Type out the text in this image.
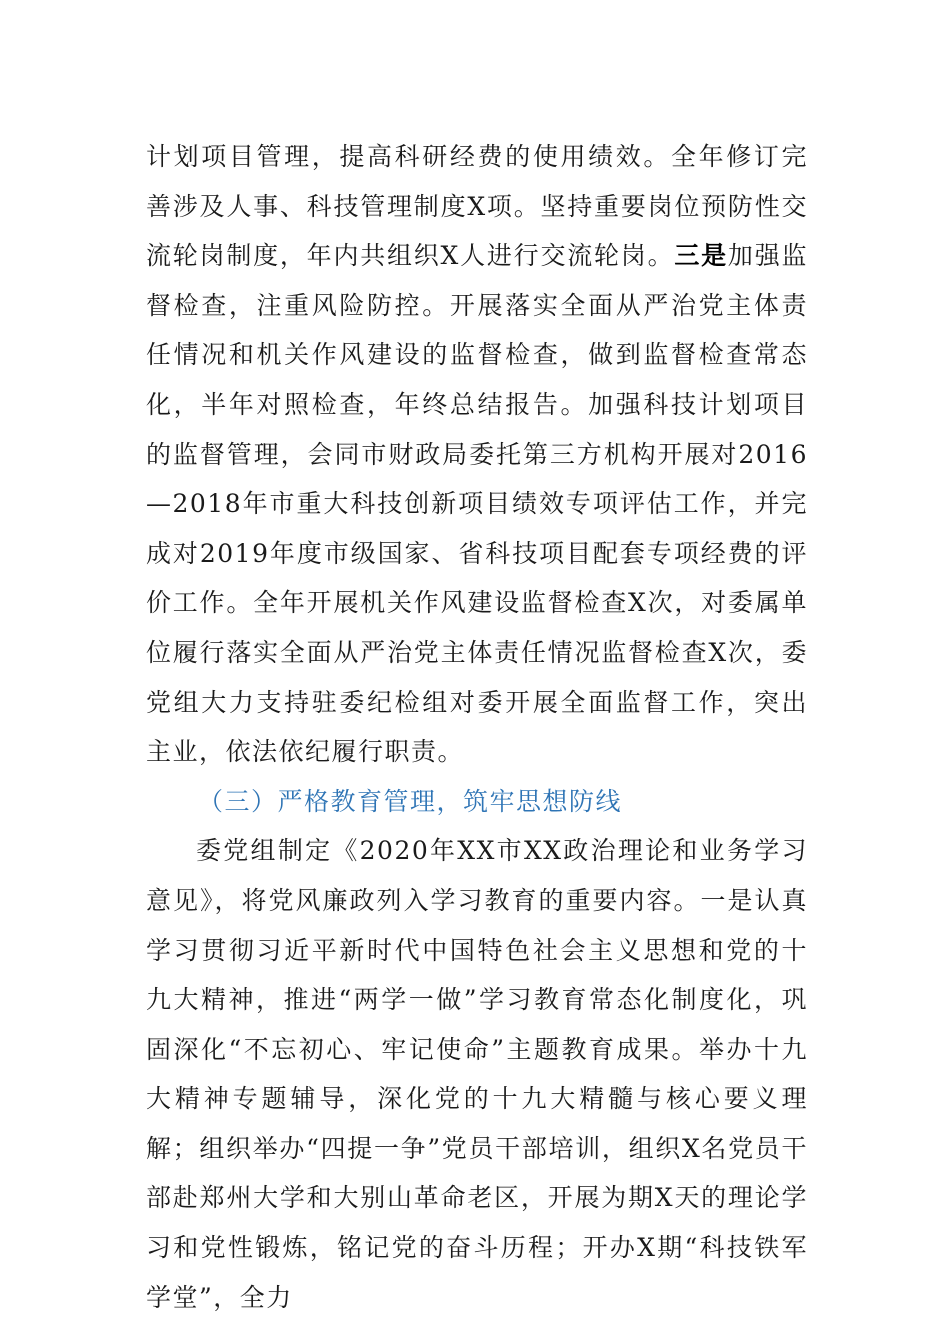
计划项目管理，提高科研经费的使用绩效。全年修订完善涉及人事、科技管理制度X项。坚持重要岗位预防性交流轮岗制度，年内共组织X人进行交流轮岗。三是加强监督检查，注重风险防控。开展落实全面从严治党主体责任情况和机关作风建设的监督检查，做到监督检查常态化，半年对照检查，年终总结报告。加强科技计划项目的监督管理，会同市财政局委托第三方机构开展对2016—2018年市重大科技创新项目绩效专项评估工作，并完成对2019年度市级国家、省科技项目配套专项经费的评价工作。全年开展机关作风建设监督检查X次，对委属单位履行落实全面从严治党主体责任情况监督检查X次，委党组大力支持驻委纪检组对委开展全面监督工作，突出主业，依法依纪履行职责。

（三）严格教育管理，筑牢思想防线

委党组制定《2020年XX市XX政治理论和业务学习意见》，将党风廉政列入学习教育的重要内容。一是认真学习贯彻习近平新时代中国特色社会主义思想和党的十九大精神，推进“两学一做”学习教育常态化制度化，巩固深化“不忘初心、牢记使命”主题教育成果。举办十九大精神专题辅导，深化党的十九大精髓与核心要义理解；组织举办“四提一争”党员干部培训，组织X名党员干部赴郑州大学和大别山革命老区，开展为期X天的理论学习和党性锻炼，铭记党的奋斗历程；开办X期“科技铁军学堂”，全力
